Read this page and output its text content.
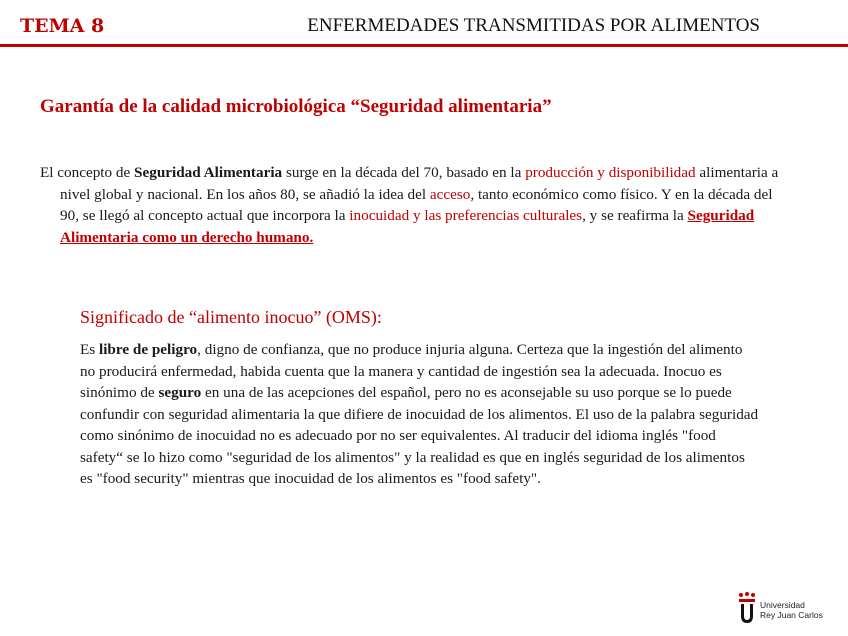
TEMA 8	ENFERMEDADES TRANSMITIDAS POR ALIMENTOS
Garantía de la calidad microbiológica “Seguridad alimentaria”
El concepto de Seguridad Alimentaria surge en la década del 70, basado en la producción y disponibilidad alimentaria a nivel global y nacional. En los años 80, se añadió la idea del acceso, tanto económico como físico. Y en la década del 90, se llegó al concepto actual que incorpora la inocuidad y las preferencias culturales, y se reafirma la Seguridad Alimentaria como un derecho humano.
Significado de “alimento inocuo” (OMS):
Es libre de peligro, digno de confianza, que no produce injuria alguna. Certeza que la ingestión del alimento no producirá enfermedad, habida cuenta que la manera y cantidad de ingestión sea la adecuada. Inocuo es sinónimo de seguro en una de las acepciones del español, pero no es aconsejable su uso porque se lo puede confundir con seguridad alimentaria la que difiere de inocuidad de los alimentos. El uso de la palabra seguridad como sinónimo de inocuidad no es adecuado por no ser equivalentes. Al traducir del idioma inglés "food safety“ se lo hizo como "seguridad de los alimentos" y la realidad es que en inglés seguridad de los alimentos es "food security" mientras que inocuidad de los alimentos es "food safety".
Universidad
Rey Juan Carlos
